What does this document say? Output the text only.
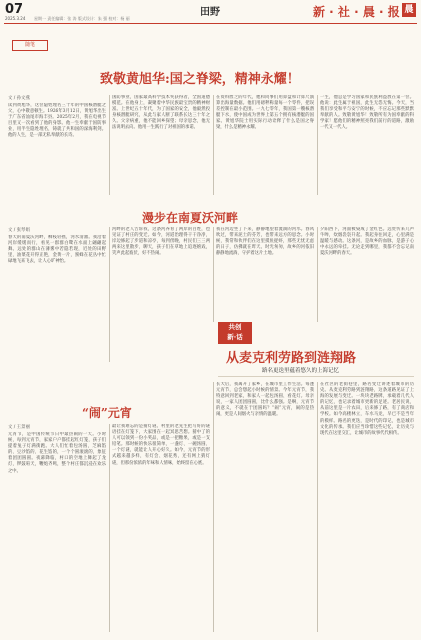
07
2025.3.24 星期一 责任编辑：张 涛 版式设计：朱 强 校对：杨 丽
田野	新 · 社 · 晨 · 报 晨
随笔
致敬黄旭华:国之脊梁，精神永耀！
文 / 孙文燕
读到黄旭华，这位隐姓埋名三十年的中国核潜艇之父，心中敬意顿生。1926年3月12日，黄旭华出生于广东省汕尾市海丰县。2025年2月，我在电视节目里又一次看到了他的身影。他一生奉献于国防事业，用半生隐姓埋名，铸就了共和国的深海利剑。他的人生，是一部无私奉献的长诗。
国防事业，国家最高科学技术奖获得者，全国道德模范。在他身上，凝聚着中华民族最宝贵的精神财富。上世纪五十年代，为了国家的安全，他毅然投身核潜艇研究，从此与家人断了联系长达三十年之久。父亲病重，他不能回乡探望；母亲思念，他无法说明去向。他用一生践行了对祖国的承诺。
在资料匮乏的年代，他和同事们用算盘和计算尺演算出海量数据。他们用磅秤称量每一个零件，把误差控制在最小范围。一九七零年，我国第一艘核潜艇下水，使中国成为世界上第五个拥有核潜艇的国家。黄旭华院士用实际行动诠释了什么是国之脊梁，什么是精神永耀。
一生，他总是学习国家和民族利益放在第一位。他说：此生属于祖国，此生无怨无悔。今天，当我们享受和平与安宁的时候，不应忘记那些默默奉献的人。致敬黄旭华！致敬所有为国奉献的科学家！愿他们的精神照亮我们前行的道路，激励一代又一代人。
漫步在南夏沃河畔
文 / 张琴娟
春天的南夏沃河畔，柳枝轻摇，河水清澈。我沿着河岸缓缓而行，看见一群群白鹭在水面上翩翩起舞。远处的群山在薄雾中若隐若现，近处的田野里，油菜花开得正艳，金黄一片，蜜蜂在花丛中忙碌地飞来飞去，让人心旷神怡。
河畔的老人告诉我，这条河养育了两岸的百姓，也见证了村庄的变迁。如今，河道治理得干干净净，岸边修起了步道和凉亭，每到傍晚，村民们三三两两来这里散步、聊天，孩子们在草地上追逐嬉戏，笑声此起彼伏，好不热闹。
我在河边坐了下来，静静地望着流淌的河水。春风吹过，带来泥土的芬芳，也带来远方的思念。小时候，我常和伙伴们在这里摸鱼捉虾，那些无忧无虑的日子，仿佛就在昨天。时光匆匆，故乡的河依旧静静地流淌，守护着这片土地。
夕阳西下，河面被染成了金红色。远处传来几声牛哞，炊烟袅袅升起。我起身往回走，心里满是温暖与感动。这条河，是故乡的血脉，是游子心中永远的牵挂。无论走到哪里，我都不会忘记南夏沃河畔的春天。
共创
新·话
从麦克利劳路到涟翔路
路名更迭里蕴着悠久的上海记忆
“闹”元宵
文 / 王景丽
元宵节，是中国传统节日中最热闹的一天。小时候，每到元宵节，家家户户都挂起红灯笼，孩子们提着兔子灯满街跑。大人们忙着包汤圆，芝麻馅的、豆沙馅的、花生馅的，一个个圆滚滚的，象征着团团圆圆。夜幕降临，村口的空地上舞起了龙灯，锣鼓喧天，鞭炮齐鸣，整个村庄都沉浸在欢乐之中。
最让我难忘的是猜灯谜。村里的老先生把写好的谜语挂在灯笼下，大家围在一起冥思苦想。猜中了的人可以领到一份小奖品，或是一把糖果，或是一支铅笔。那时候的快乐很简单，一盏灯、一碗汤圆、一个灯谜，就能让人开心好久。如今，元宵节的形式越来越多样，有灯会、烟花秀，还有网上猜灯谜，但那份浓浓的年味和人情味，始终留在心底。
在社区的老街巷里，路名变迁讲述着城市的历史。从麦克利劳路到涟翔路，这条道路见证了上海的发展与变迁。一块块老路牌，承载着几代人的记忆，也记录着城市更新的足迹。老居民说，从前这里是一片农田，后来修了路，有了商店和学校。如今高楼林立，车水马龙，早已不是当年的模样。路名的更迭，是时代的印记，也是城市文化的传承。我们应当珍惜这些记忆，让历史与现代在这里交汇，让城市的故事代代相传。
长大后，我离开了家乡，在城市里工作生活。每逢元宵节，总会想起小时候的情景。今年元宵节，我特意回到老家，和家人一起包汤圆、看花灯。母亲说，一家人团团圆圆，比什么都强。是啊，元宵节的意义，不就在于团圆吗？“闹”元宵，闹的是热闹，更是人间烟火与亲情的温暖。
